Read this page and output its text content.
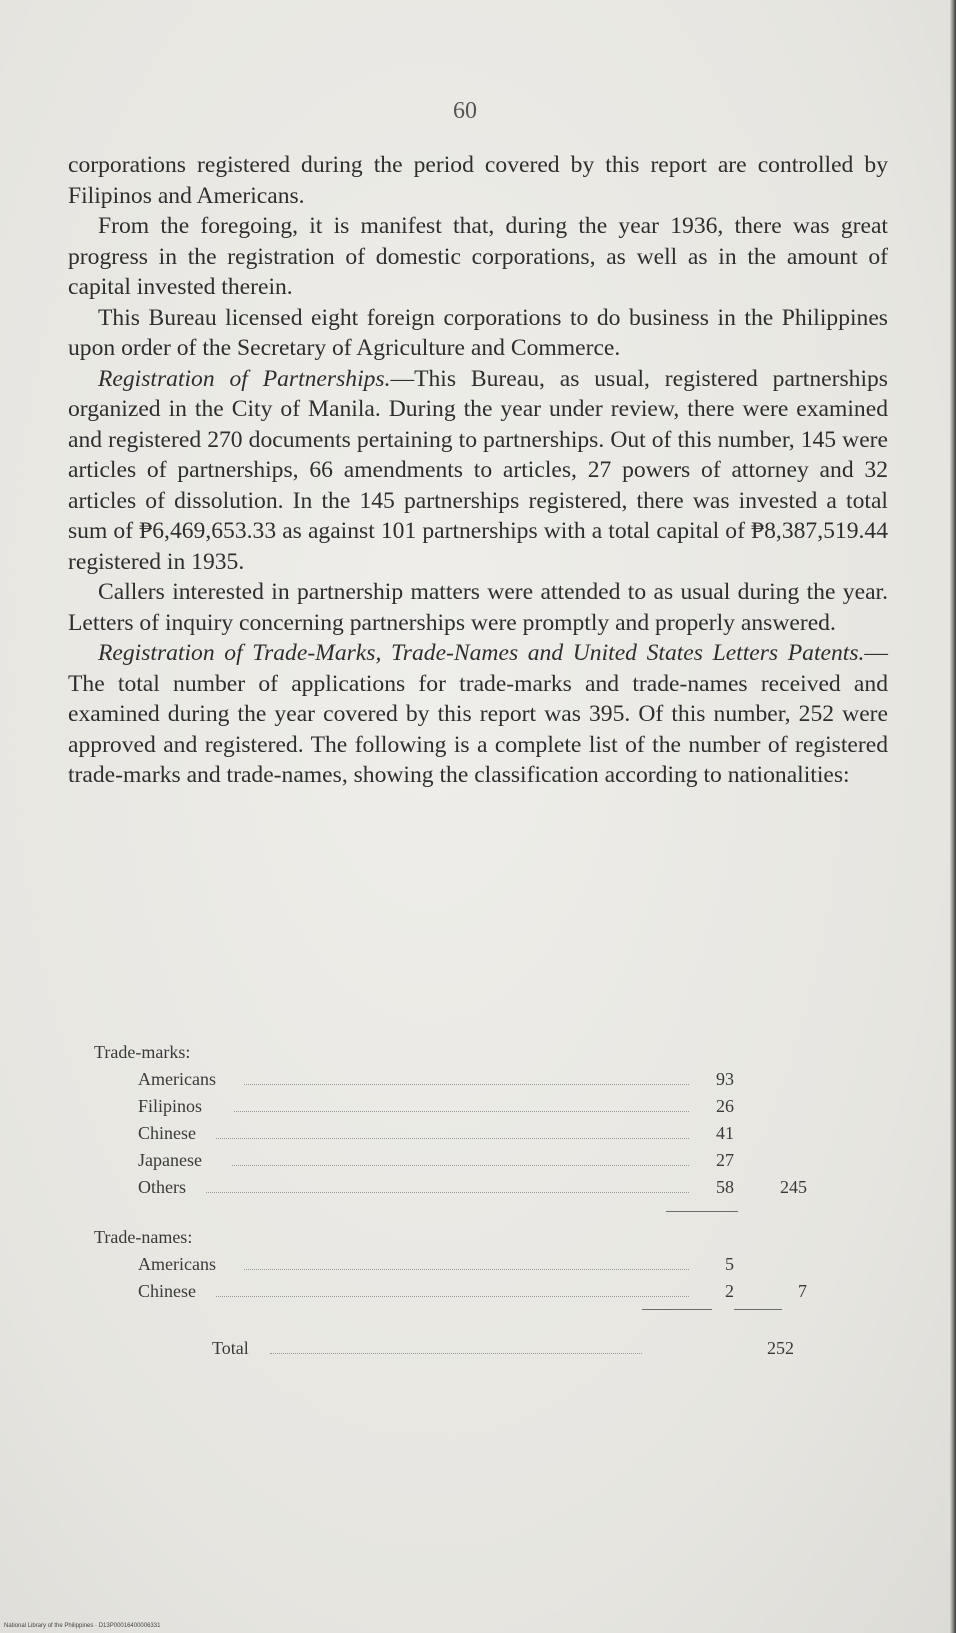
60

corporations registered during the period covered by this report are controlled by Filipinos and Americans.

From the foregoing, it is manifest that, during the year 1936, there was great progress in the registration of domestic corporations, as well as in the amount of capital invested therein.

This Bureau licensed eight foreign corporations to do business in the Philippines upon order of the Secretary of Agriculture and Commerce.

Registration of Partnerships.—This Bureau, as usual, registered partnerships organized in the City of Manila. During the year under review, there were examined and registered 270 documents pertaining to partnerships. Out of this number, 145 were articles of partnerships, 66 amendments to articles, 27 powers of attorney and 32 articles of dissolution. In the 145 partnerships registered, there was invested a total sum of ₱6,469,653.33 as against 101 partnerships with a total capital of ₱8,387,519.44 registered in 1935.

Callers interested in partnership matters were attended to as usual during the year. Letters of inquiry concerning partnerships were promptly and properly answered.

Registration of Trade-Marks, Trade-Names and United States Letters Patents.—The total number of applications for trade-marks and trade-names received and examined during the year covered by this report was 395. Of this number, 252 were approved and registered. The following is a complete list of the number of registered trade-marks and trade-names, showing the classification according to nationalities:

Trade-marks:
Americans	93
Filipinos	26
Chinese	41
Japanese	27
Others	58	245
Trade-names:
Americans	5
Chinese	2	7
Total	252
National Library of the Philippines · D13P00016400006331
